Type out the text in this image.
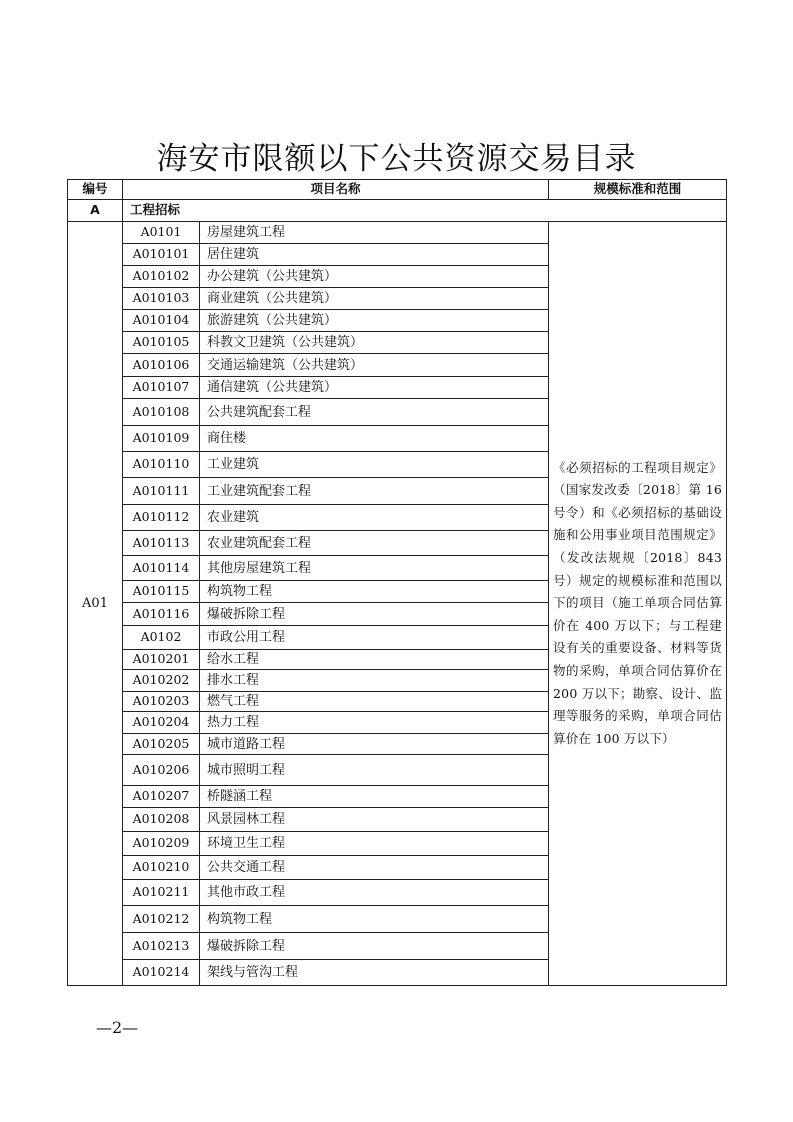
海安市限额以下公共资源交易目录
编号	项目名称		规模标准和范围
A	工程招标		
A01	A0101	房屋建筑工程	《必须招标的工程项目规定》（国家发改委〔2018〕第 16 号令）和《必须招标的基础设施和公用事业项目范围规定》（发改法规规〔2018〕843 号）规定的规模标准和范围以下的项目（施工单项合同估算价在 400 万以下；与工程建设有关的重要设备、材料等货物的采购，单项合同估算价在 200 万以下；勘察、设计、监理等服务的采购，单项合同估算价在 100 万以下）
	A010101	居住建筑	
	A010102	办公建筑（公共建筑）	
	A010103	商业建筑（公共建筑）	
	A010104	旅游建筑（公共建筑）	
	A010105	科教文卫建筑（公共建筑）	
	A010106	交通运输建筑（公共建筑）	
	A010107	通信建筑（公共建筑）	
	A010108	公共建筑配套工程	
	A010109	商住楼	
	A010110	工业建筑	
	A010111	工业建筑配套工程	
	A010112	农业建筑	
	A010113	农业建筑配套工程	
	A010114	其他房屋建筑工程	
	A010115	构筑物工程	
	A010116	爆破拆除工程	
	A0102	市政公用工程	
	A010201	给水工程	
	A010202	排水工程	
	A010203	燃气工程	
	A010204	热力工程	
	A010205	城市道路工程	
	A010206	城市照明工程	
	A010207	桥隧涵工程	
	A010208	风景园林工程	
	A010209	环境卫生工程	
	A010210	公共交通工程	
	A010211	其他市政工程	
	A010212	构筑物工程	
	A010213	爆破拆除工程	
	A010214	架线与管沟工程	
—2—
